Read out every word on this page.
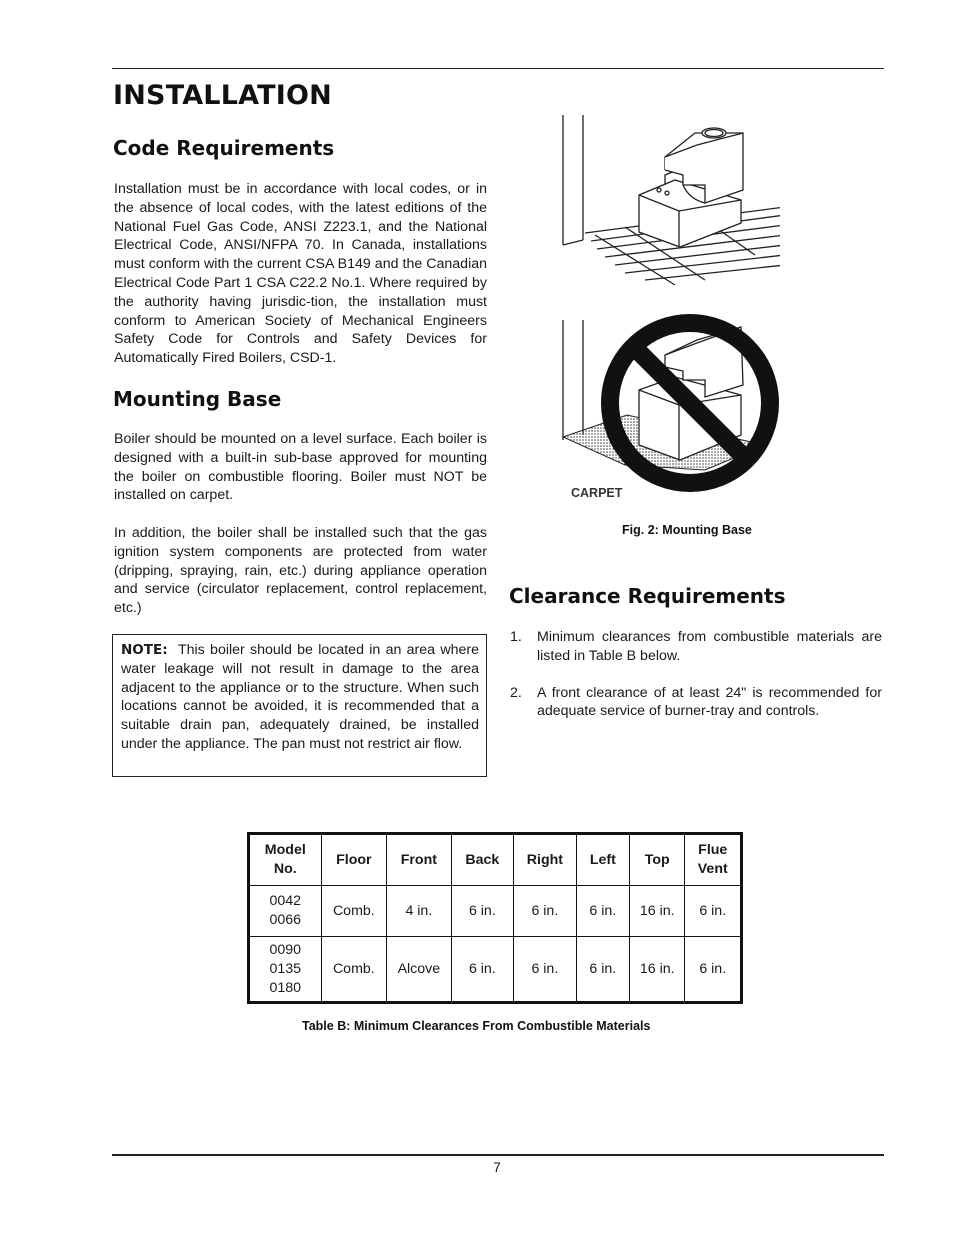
INSTALLATION
Code Requirements

Installation must be in accordance with local codes, or in the absence of local codes, with the latest editions of the National Fuel Gas Code, ANSI Z223.1, and the National Electrical Code, ANSI/NFPA 70. In Canada, installations must conform with the current CSA B149 and the Canadian Electrical Code Part 1 CSA C22.2 No.1. Where required by the authority having jurisdic-tion, the installation must conform to American Society of Mechanical Engineers Safety Code for Controls and Safety Devices for Automatically Fired Boilers, CSD-1.

Mounting Base

Boiler should be mounted on a level surface. Each boiler is designed with a built-in sub-base approved for mounting the boiler on combustible flooring. Boiler must NOT be installed on carpet.

In addition, the boiler shall be installed such that the gas ignition system components are protected from water (dripping, spraying, rain, etc.) during appliance operation and service (circulator replacement, control replacement, etc.)

NOTE: This boiler should be located in an area where water leakage will not result in damage to the area adjacent to the appliance or to the structure. When such locations cannot be avoided, it is recommended that a suitable drain pan, adequately drained, be installed under the appliance. The pan must not restrict air flow.

CARPET

Fig. 2: Mounting Base

Clearance Requirements
1. Minimum clearances from combustible materials are listed in Table B below.
2. A front clearance of at least 24" is recommended for adequate service of burner-tray and controls.
Model No.	Floor	Front	Back	Right	Left	Top	Flue Vent
0042
0066	Comb.	4 in.	6 in.	6 in.	6 in.	16 in.	6 in.
0090
0135
0180	Comb.	Alcove	6 in.	6 in.	6 in.	16 in.	6 in.

Table B: Minimum Clearances From Combustible Materials

7
